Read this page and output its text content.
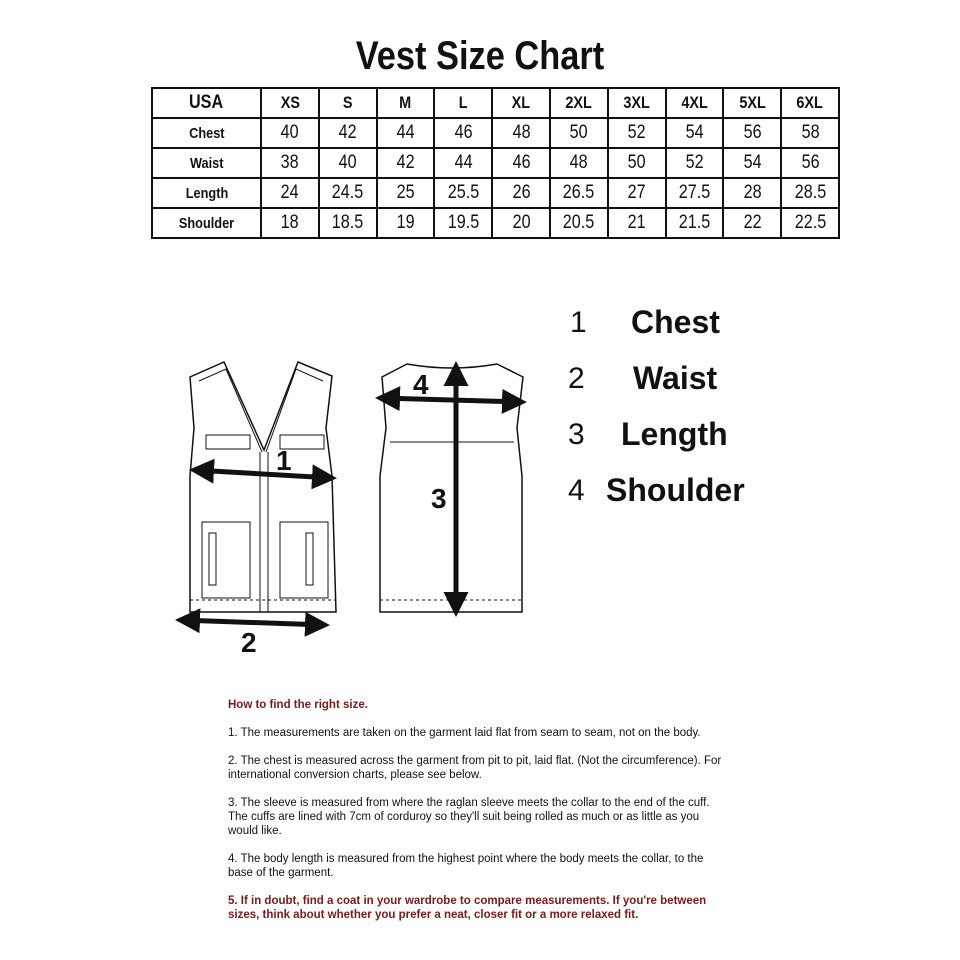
Vest Size Chart
USA	XS	S	M	L	XL	2XL	3XL	4XL	5XL	6XL
Chest	40	42	44	46	48	50	52	54	56	58
Waist	38	40	42	44	46	48	50	52	54	56
Length	24	24.5	25	25.5	26	26.5	27	27.5	28	28.5
Shoulder	18	18.5	19	19.5	20	20.5	21	21.5	22	22.5
1
2
3
4
1 Chest
2 Waist
3 Length
4 Shoulder
How to find the right size.

1. The measurements are taken on the garment laid flat from seam to seam, not on the body.

2. The chest is measured across the garment from pit to pit, laid flat. (Not the circumference). For international conversion charts, please see below.

3. The sleeve is measured from where the raglan sleeve meets the collar to the end of the cuff. The cuffs are lined with 7cm of corduroy so they'll suit being rolled as much or as little as you would like.

4. The body length is measured from the highest point where the body meets the collar, to the base of the garment.

5. If in doubt, find a coat in your wardrobe to compare measurements. If you're between sizes, think about whether you prefer a neat, closer fit or a more relaxed fit.
